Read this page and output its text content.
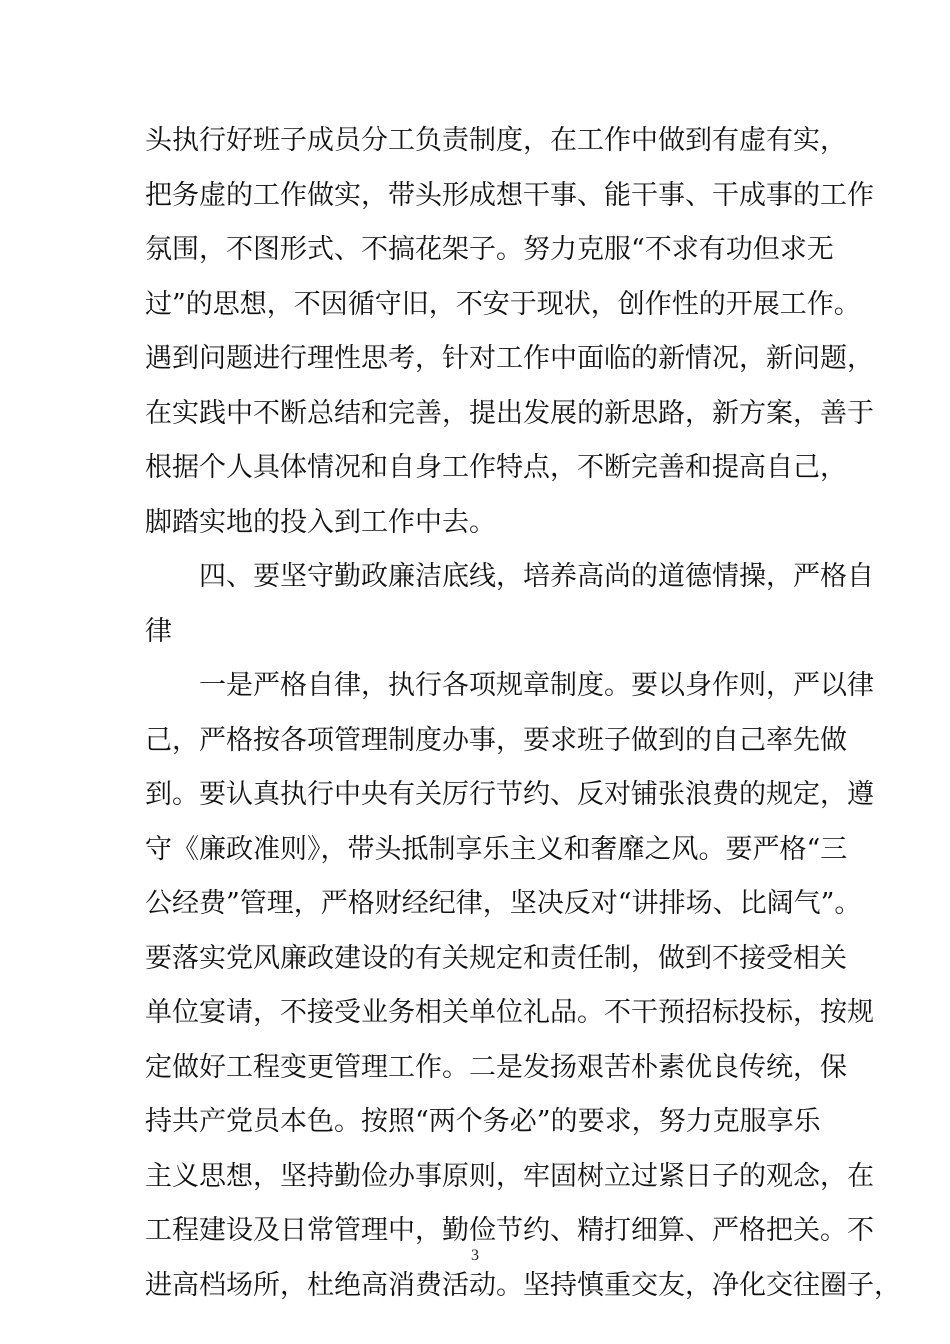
头执行好班子成员分工负责制度，在工作中做到有虚有实，
把务虚的工作做实，带头形成想干事、能干事、干成事的工作
氛围，不图形式、不搞花架子。努力克服“不求有功但求无
过”的思想，不因循守旧，不安于现状，创作性的开展工作。
遇到问题进行理性思考，针对工作中面临的新情况，新问题，
在实践中不断总结和完善，提出发展的新思路，新方案，善于
根据个人具体情况和自身工作特点，不断完善和提高自己，
脚踏实地的投入到工作中去。
四、要坚守勤政廉洁底线，培养高尚的道德情操，严格自
律
一是严格自律，执行各项规章制度。要以身作则，严以律
己，严格按各项管理制度办事，要求班子做到的自己率先做
到。要认真执行中央有关厉行节约、反对铺张浪费的规定，遵
守《廉政准则》，带头抵制享乐主义和奢靡之风。要严格“三
公经费”管理，严格财经纪律，坚决反对“讲排场、比阔气”。
要落实党风廉政建设的有关规定和责任制，做到不接受相关
单位宴请，不接受业务相关单位礼品。不干预招标投标，按规
定做好工程变更管理工作。二是发扬艰苦朴素优良传统，保
持共产党员本色。按照“两个务必”的要求，努力克服享乐
主义思想，坚持勤俭办事原则，牢固树立过紧日子的观念，在
工程建设及日常管理中，勤俭节约、精打细算、严格把关。不
进高档场所，杜绝高消费活动。坚持慎重交友，净化交往圈子，
3
